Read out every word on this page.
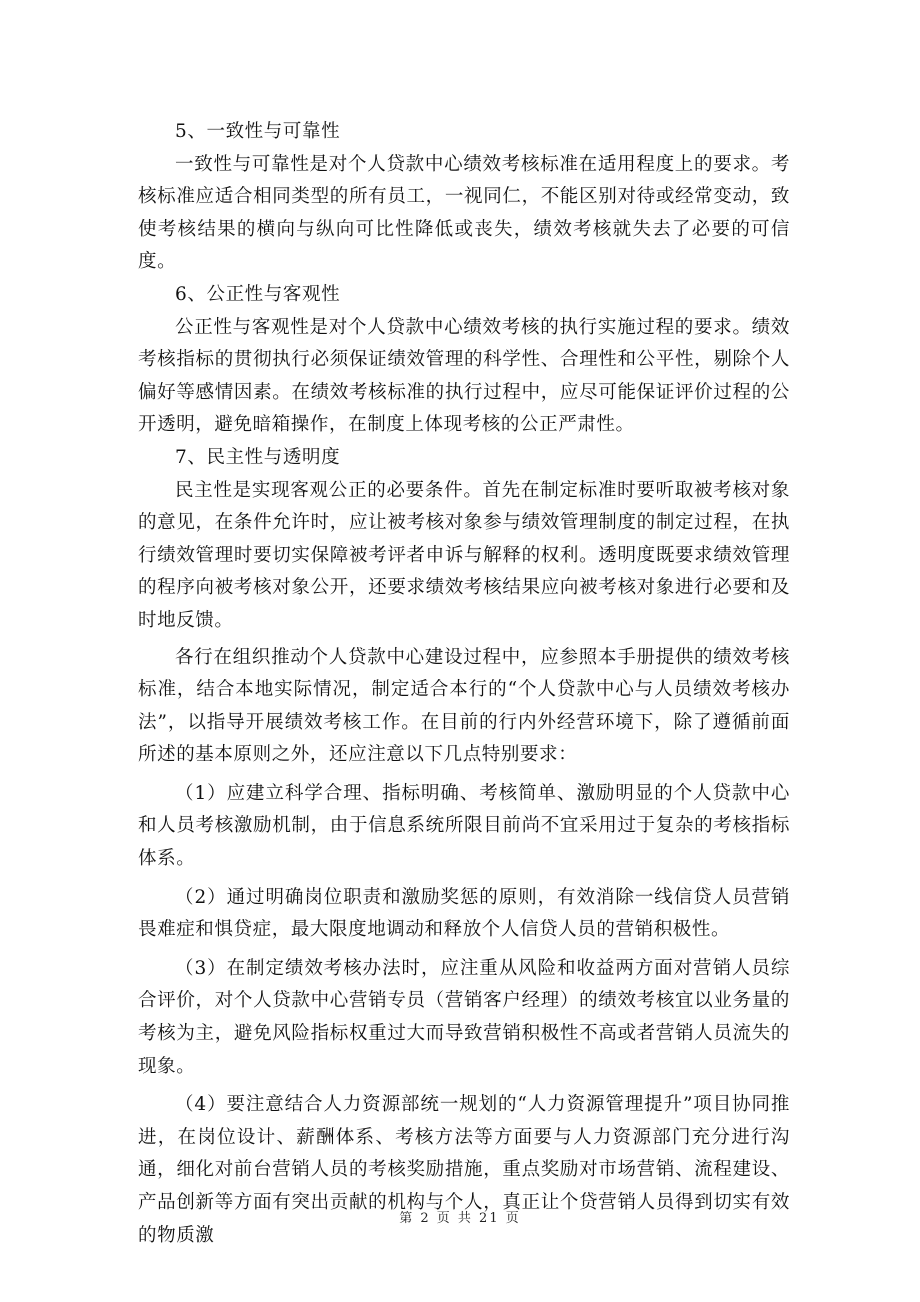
5、一致性与可靠性

一致性与可靠性是对个人贷款中心绩效考核标准在适用程度上的要求。考核标准应适合相同类型的所有员工，一视同仁，不能区别对待或经常变动，致使考核结果的横向与纵向可比性降低或丧失，绩效考核就失去了必要的可信度。

6、公正性与客观性

公正性与客观性是对个人贷款中心绩效考核的执行实施过程的要求。绩效考核指标的贯彻执行必须保证绩效管理的科学性、合理性和公平性，剔除个人偏好等感情因素。在绩效考核标准的执行过程中，应尽可能保证评价过程的公开透明，避免暗箱操作，在制度上体现考核的公正严肃性。

7、民主性与透明度

民主性是实现客观公正的必要条件。首先在制定标准时要听取被考核对象的意见，在条件允许时，应让被考核对象参与绩效管理制度的制定过程，在执行绩效管理时要切实保障被考评者申诉与解释的权利。透明度既要求绩效管理的程序向被考核对象公开，还要求绩效考核结果应向被考核对象进行必要和及时地反馈。

各行在组织推动个人贷款中心建设过程中，应参照本手册提供的绩效考核标准，结合本地实际情况，制定适合本行的“个人贷款中心与人员绩效考核办法”，以指导开展绩效考核工作。在目前的行内外经营环境下，除了遵循前面所述的基本原则之外，还应注意以下几点特别要求：

（1）应建立科学合理、指标明确、考核简单、激励明显的个人贷款中心和人员考核激励机制，由于信息系统所限目前尚不宜采用过于复杂的考核指标体系。

（2）通过明确岗位职责和激励奖惩的原则，有效消除一线信贷人员营销畏难症和惧贷症，最大限度地调动和释放个人信贷人员的营销积极性。

（3）在制定绩效考核办法时，应注重从风险和收益两方面对营销人员综合评价，对个人贷款中心营销专员（营销客户经理）的绩效考核宜以业务量的考核为主，避免风险指标权重过大而导致营销积极性不高或者营销人员流失的现象。

（4）要注意结合人力资源部统一规划的“人力资源管理提升”项目协同推进，在岗位设计、薪酬体系、考核方法等方面要与人力资源部门充分进行沟通，细化对前台营销人员的考核奖励措施，重点奖励对市场营销、流程建设、产品创新等方面有突出贡献的机构与个人，真正让个贷营销人员得到切实有效的物质激

第 2 页 共 21 页
